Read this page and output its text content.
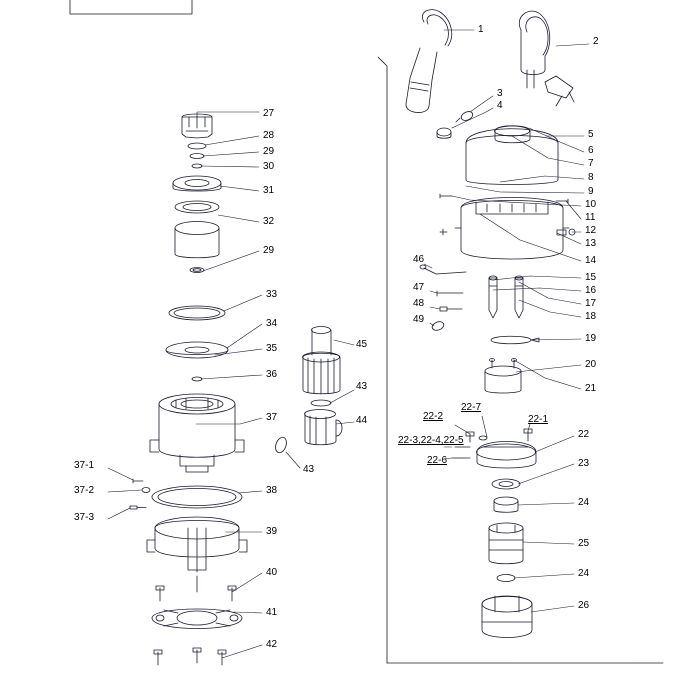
1
2
3
4
5
6
7
8
9
10
11
12
13
14
15
16
17
18
19
20
21
22
23
24
25
24
26
22-1
22-2
22-7
22-3,22-4,22-5
22-6
46
47
48
49
27
28
29
30
31
32
29
33
34
35
36
37
37-1
37-2
37-3
38
39
40
41
42
43
44
43
45
